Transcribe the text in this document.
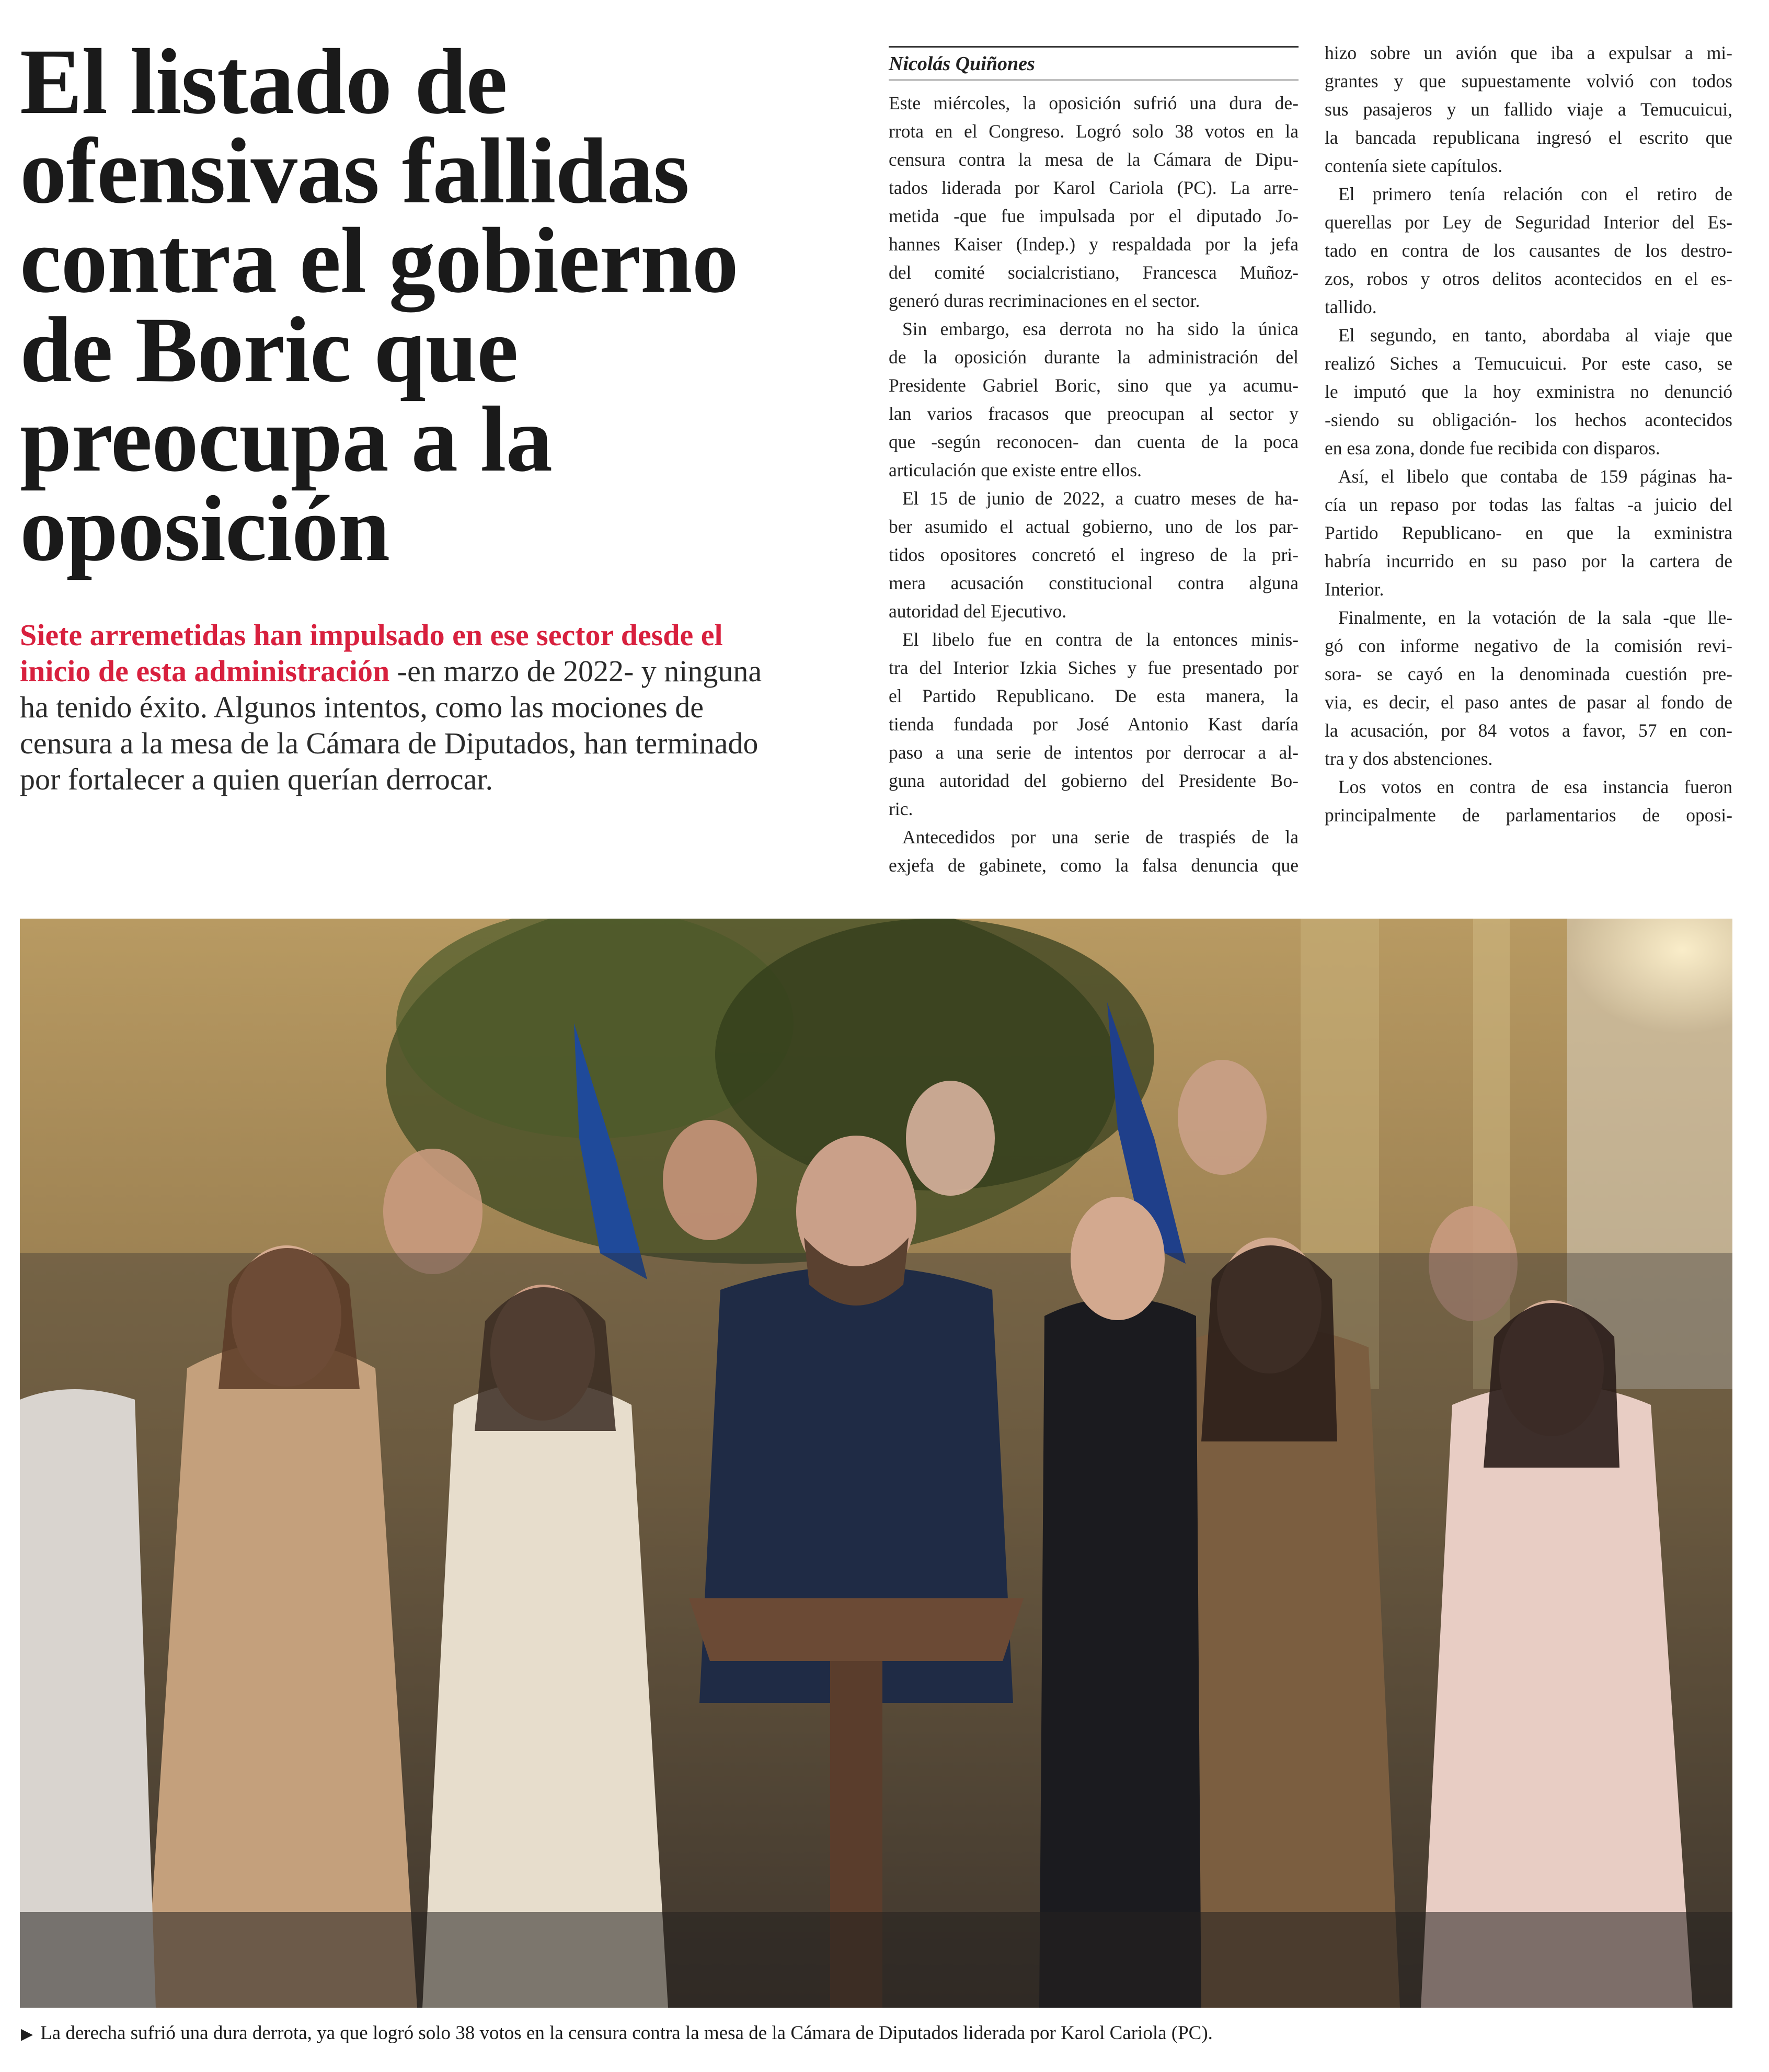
El listado de
ofensivas fallidas
contra el gobierno
de Boric que
preocupa a la
oposición

Siete arremetidas han impulsado en ese sector desde el inicio de esta administración -en marzo de 2022- y ninguna ha tenido éxito. Algunos intentos, como las mociones de censura a la mesa de la Cámara de Diputados, han terminado por fortalecer a quien querían derrocar.

Nicolás Quiñones
Este miércoles, la oposición sufrió una dura de-
rrota en el Congreso. Logró solo 38 votos en la
censura contra la mesa de la Cámara de Dipu-
tados liderada por Karol Cariola (PC). La arre-
metida -que fue impulsada por el diputado Jo-
hannes Kaiser (Indep.) y respaldada por la jefa
del comité socialcristiano, Francesca Muñoz-
generó duras recriminaciones en el sector.
Sin embargo, esa derrota no ha sido la única
de la oposición durante la administración del
Presidente Gabriel Boric, sino que ya acumu-
lan varios fracasos que preocupan al sector y
que -según reconocen- dan cuenta de la poca
articulación que existe entre ellos.
El 15 de junio de 2022, a cuatro meses de ha-
ber asumido el actual gobierno, uno de los par-
tidos opositores concretó el ingreso de la pri-
mera acusación constitucional contra alguna
autoridad del Ejecutivo.
El libelo fue en contra de la entonces minis-
tra del Interior Izkia Siches y fue presentado por
el Partido Republicano. De esta manera, la
tienda fundada por José Antonio Kast daría
paso a una serie de intentos por derrocar a al-
guna autoridad del gobierno del Presidente Bo-
ric.
Antecedidos por una serie de traspiés de la
exjefa de gabinete, como la falsa denuncia que
hizo sobre un avión que iba a expulsar a mi-
grantes y que supuestamente volvió con todos
sus pasajeros y un fallido viaje a Temucuicui,
la bancada republicana ingresó el escrito que
contenía siete capítulos.
El primero tenía relación con el retiro de
querellas por Ley de Seguridad Interior del Es-
tado en contra de los causantes de los destro-
zos, robos y otros delitos acontecidos en el es-
tallido.
El segundo, en tanto, abordaba al viaje que
realizó Siches a Temucuicui. Por este caso, se
le imputó que la hoy exministra no denunció
-siendo su obligación- los hechos acontecidos
en esa zona, donde fue recibida con disparos.
Así, el libelo que contaba de 159 páginas ha-
cía un repaso por todas las faltas -a juicio del
Partido Republicano- en que la exministra
habría incurrido en su paso por la cartera de
Interior.
Finalmente, en la votación de la sala -que lle-
gó con informe negativo de la comisión revi-
sora- se cayó en la denominada cuestión pre-
via, es decir, el paso antes de pasar al fondo de
la acusación, por 84 votos a favor, 57 en con-
tra y dos abstenciones.
Los votos en contra de esa instancia fueron
principalmente de parlamentarios de oposi-
▶ La derecha sufrió una dura derrota, ya que logró solo 38 votos en la censura contra la mesa de la Cámara de Diputados liderada por Karol Cariola (PC).
